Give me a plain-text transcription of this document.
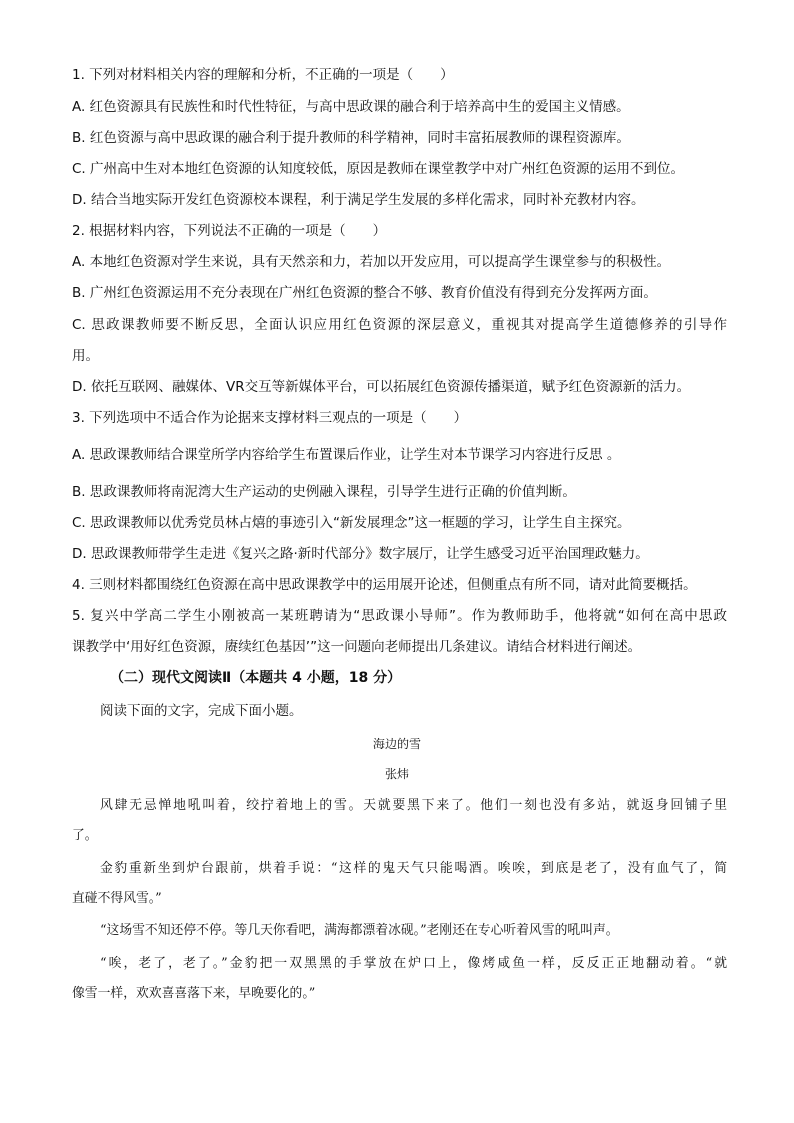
1. 下列对材料相关内容的理解和分析，不正确的一项是（　　）
A. 红色资源具有民族性和时代性特征，与高中思政课的融合利于培养高中生的爱国主义情感。
B. 红色资源与高中思政课的融合利于提升教师的科学精神，同时丰富拓展教师的课程资源库。
C. 广州高中生对本地红色资源的认知度较低，原因是教师在课堂教学中对广州红色资源的运用不到位。
D. 结合当地实际开发红色资源校本课程，利于满足学生发展的多样化需求，同时补充教材内容。
2. 根据材料内容，下列说法不正确的一项是（　　）
A. 本地红色资源对学生来说，具有天然亲和力，若加以开发应用，可以提高学生课堂参与的积极性。
B. 广州红色资源运用不充分表现在广州红色资源的整合不够、教育价值没有得到充分发挥两方面。
C. 思政课教师要不断反思，全面认识应用红色资源的深层意义，重视其对提高学生道德修养的引导作
用。
D. 依托互联网、融媒体、VR交互等新媒体平台，可以拓展红色资源传播渠道，赋予红色资源新的活力。
3. 下列选项中不适合作为论据来支撑材料三观点的一项是（　　）
A. 思政课教师结合课堂所学内容给学生布置课后作业，让学生对本节课学习内容进行反思 。
B. 思政课教师将南泥湾大生产运动的史例融入课程，引导学生进行正确的价值判断。
C. 思政课教师以优秀党员林占熺的事迹引入“新发展理念”这一框题的学习，让学生自主探究。
D. 思政课教师带学生走进《复兴之路·新时代部分》数字展厅，让学生感受习近平治国理政魅力。
4. 三则材料都围绕红色资源在高中思政课教学中的运用展开论述，但侧重点有所不同，请对此简要概括。
5. 复兴中学高二学生小刚被高一某班聘请为“思政课小导师”。作为教师助手，他将就“如何在高中思政
课教学中‘用好红色资源，赓续红色基因’”这一问题向老师提出几条建议。请结合材料进行阐述。
（二）现代文阅读Ⅱ（本题共 4 小题，18 分）
阅读下面的文字，完成下面小题。
海边的雪
张炜
风肆无忌惮地吼叫着，绞拧着地上的雪。天就要黑下来了。他们一刻也没有多站，就返身回铺子里
了。
金豹重新坐到炉台跟前，烘着手说：“这样的鬼天气只能喝酒。唉唉，到底是老了，没有血气了，简
直碰不得风雪。”
“这场雪不知还停不停。等几天你看吧，满海都漂着冰砚。”老刚还在专心听着风雪的吼叫声。
“唉，老了，老了。”金豹把一双黑黑的手掌放在炉口上，像烤咸鱼一样，反反正正地翻动着。“就
像雪一样，欢欢喜喜落下来，早晚要化的。”
